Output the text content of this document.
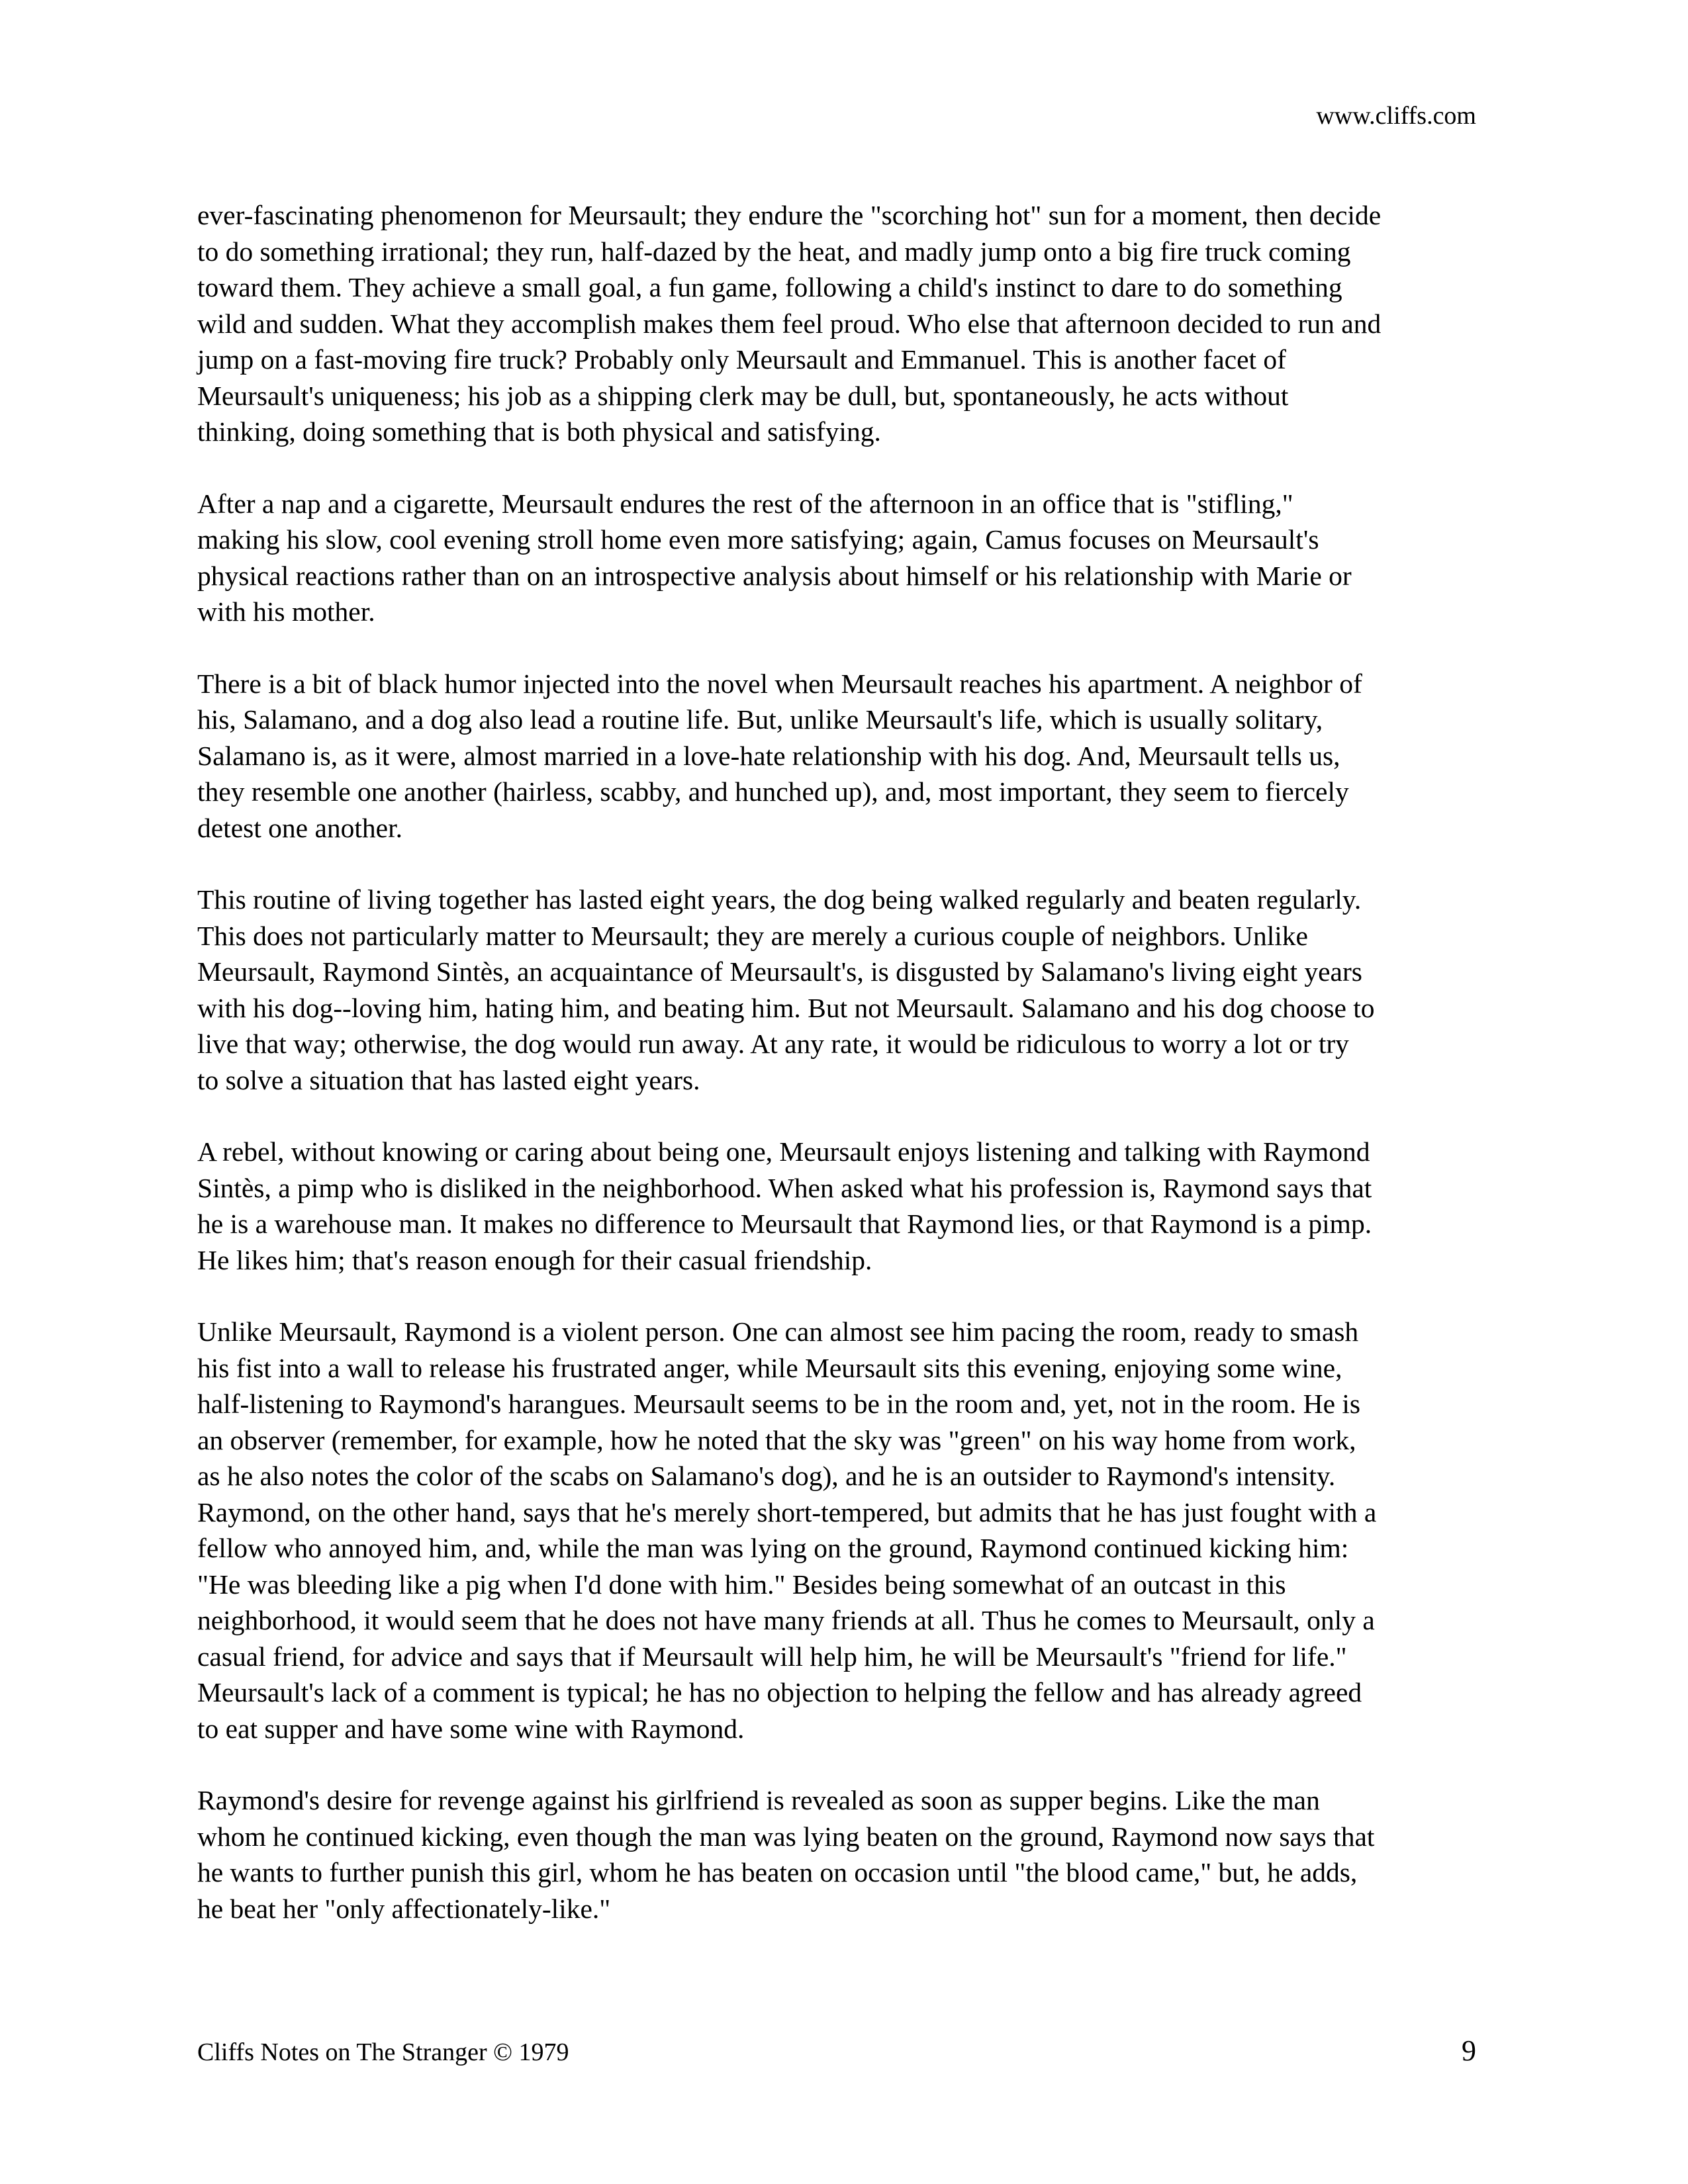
www.cliffs.com

ever-fascinating phenomenon for Meursault; they endure the "scorching hot" sun for a moment, then decide
to do something irrational; they run, half-dazed by the heat, and madly jump onto a big fire truck coming
toward them. They achieve a small goal, a fun game, following a child's instinct to dare to do something
wild and sudden. What they accomplish makes them feel proud. Who else that afternoon decided to run and
jump on a fast-moving fire truck? Probably only Meursault and Emmanuel. This is another facet of
Meursault's uniqueness; his job as a shipping clerk may be dull, but, spontaneously, he acts without
thinking, doing something that is both physical and satisfying.

After a nap and a cigarette, Meursault endures the rest of the afternoon in an office that is "stifling,"
making his slow, cool evening stroll home even more satisfying; again, Camus focuses on Meursault's
physical reactions rather than on an introspective analysis about himself or his relationship with Marie or
with his mother.

There is a bit of black humor injected into the novel when Meursault reaches his apartment. A neighbor of
his, Salamano, and a dog also lead a routine life. But, unlike Meursault's life, which is usually solitary,
Salamano is, as it were, almost married in a love-hate relationship with his dog. And, Meursault tells us,
they resemble one another (hairless, scabby, and hunched up), and, most important, they seem to fiercely
detest one another.

This routine of living together has lasted eight years, the dog being walked regularly and beaten regularly.
This does not particularly matter to Meursault; they are merely a curious couple of neighbors. Unlike
Meursault, Raymond Sintès, an acquaintance of Meursault's, is disgusted by Salamano's living eight years
with his dog--loving him, hating him, and beating him. But not Meursault. Salamano and his dog choose to
live that way; otherwise, the dog would run away. At any rate, it would be ridiculous to worry a lot or try
to solve a situation that has lasted eight years.

A rebel, without knowing or caring about being one, Meursault enjoys listening and talking with Raymond
Sintès, a pimp who is disliked in the neighborhood. When asked what his profession is, Raymond says that
he is a warehouse man. It makes no difference to Meursault that Raymond lies, or that Raymond is a pimp.
He likes him; that's reason enough for their casual friendship.

Unlike Meursault, Raymond is a violent person. One can almost see him pacing the room, ready to smash
his fist into a wall to release his frustrated anger, while Meursault sits this evening, enjoying some wine,
half-listening to Raymond's harangues. Meursault seems to be in the room and, yet, not in the room. He is
an observer (remember, for example, how he noted that the sky was "green" on his way home from work,
as he also notes the color of the scabs on Salamano's dog), and he is an outsider to Raymond's intensity.
Raymond, on the other hand, says that he's merely short-tempered, but admits that he has just fought with a
fellow who annoyed him, and, while the man was lying on the ground, Raymond continued kicking him:
"He was bleeding like a pig when I'd done with him." Besides being somewhat of an outcast in this
neighborhood, it would seem that he does not have many friends at all. Thus he comes to Meursault, only a
casual friend, for advice and says that if Meursault will help him, he will be Meursault's "friend for life."
Meursault's lack of a comment is typical; he has no objection to helping the fellow and has already agreed
to eat supper and have some wine with Raymond.

Raymond's desire for revenge against his girlfriend is revealed as soon as supper begins. Like the man
whom he continued kicking, even though the man was lying beaten on the ground, Raymond now says that
he wants to further punish this girl, whom he has beaten on occasion until "the blood came," but, he adds,
he beat her "only affectionately-like."

Cliffs Notes on The Stranger © 1979	9
